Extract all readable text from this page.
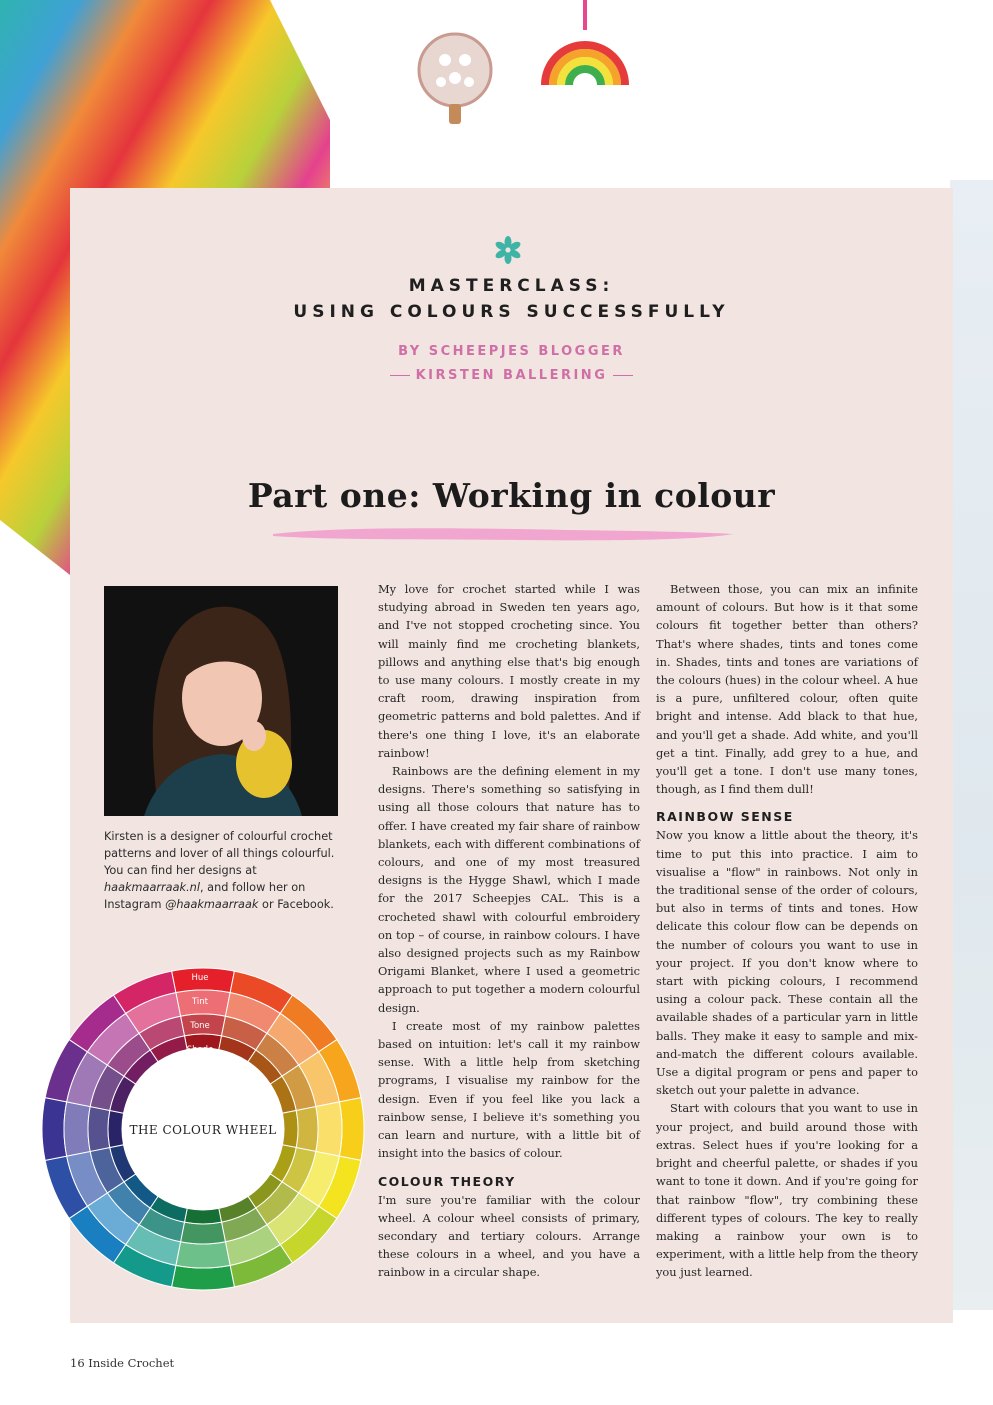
MASTERCLASS:
USING COLOURS SUCCESSFULLY
BY SCHEEPJES BLOGGER
KIRSTEN BALLERING
Part one: Working in colour
Kirsten is a designer of colourful crochet patterns and lover of all things colourful. You can find her designs at haakmaarraak.nl, and follow her on Instagram @haakmaarraak or Facebook.

My love for crochet started while I was studying abroad in Sweden ten years ago, and I've not stopped crocheting since. You will mainly find me crocheting blankets, pillows and anything else that's big enough to use many colours. I mostly create in my craft room, drawing inspiration from geometric patterns and bold palettes. And if there's one thing I love, it's an elaborate rainbow!

Rainbows are the defining element in my designs. There's something so satisfying in using all those colours that nature has to offer. I have created my fair share of rainbow blankets, each with different combinations of colours, and one of my most treasured designs is the Hygge Shawl, which I made for the 2017 Scheepjes CAL. This is a crocheted shawl with colourful embroidery on top – of course, in rainbow colours. I have also designed projects such as my Rainbow Origami Blanket, where I used a geometric approach to put together a modern colourful design.

I create most of my rainbow palettes based on intuition: let's call it my rainbow sense. With a little help from sketching programs, I visualise my rainbow for the design. Even if you feel like you lack a rainbow sense, I believe it's something you can learn and nurture, with a little bit of insight into the basics of colour.

COLOUR THEORY

I'm sure you're familiar with the colour wheel. A colour wheel consists of primary, secondary and tertiary colours. Arrange these colours in a wheel, and you have a rainbow in a circular shape.

Between those, you can mix an infinite amount of colours. But how is it that some colours fit together better than others? That's where shades, tints and tones come in. Shades, tints and tones are variations of the colours (hues) in the colour wheel. A hue is a pure, unfiltered colour, often quite bright and intense. Add black to that hue, and you'll get a shade. Add white, and you'll get a tint. Finally, add grey to a hue, and you'll get a tone. I don't use many tones, though, as I find them dull!

RAINBOW SENSE

Now you know a little about the theory, it's time to put this into practice. I aim to visualise a "flow" in rainbows. Not only in the traditional sense of the order of colours, but also in terms of tints and tones. How delicate this colour flow can be depends on the number of colours you want to use in your project. If you don't know where to start with picking colours, I recommend using a colour pack. These contain all the available shades of a particular yarn in little balls. They make it easy to sample and mix-and-match the different colours available. Use a digital program or pens and paper to sketch out your palette in advance.

Start with colours that you want to use in your project, and build around those with extras. Select hues if you're looking for a bright and cheerful palette, or shades if you want to tone it down. And if you're going for that rainbow "flow", try combining these different types of colours. The key to really making a rainbow your own is to experiment, with a little help from the theory you just learned.

THE COLOUR WHEEL
Hue
Tint
Tone
Shade
16 Inside Crochet
